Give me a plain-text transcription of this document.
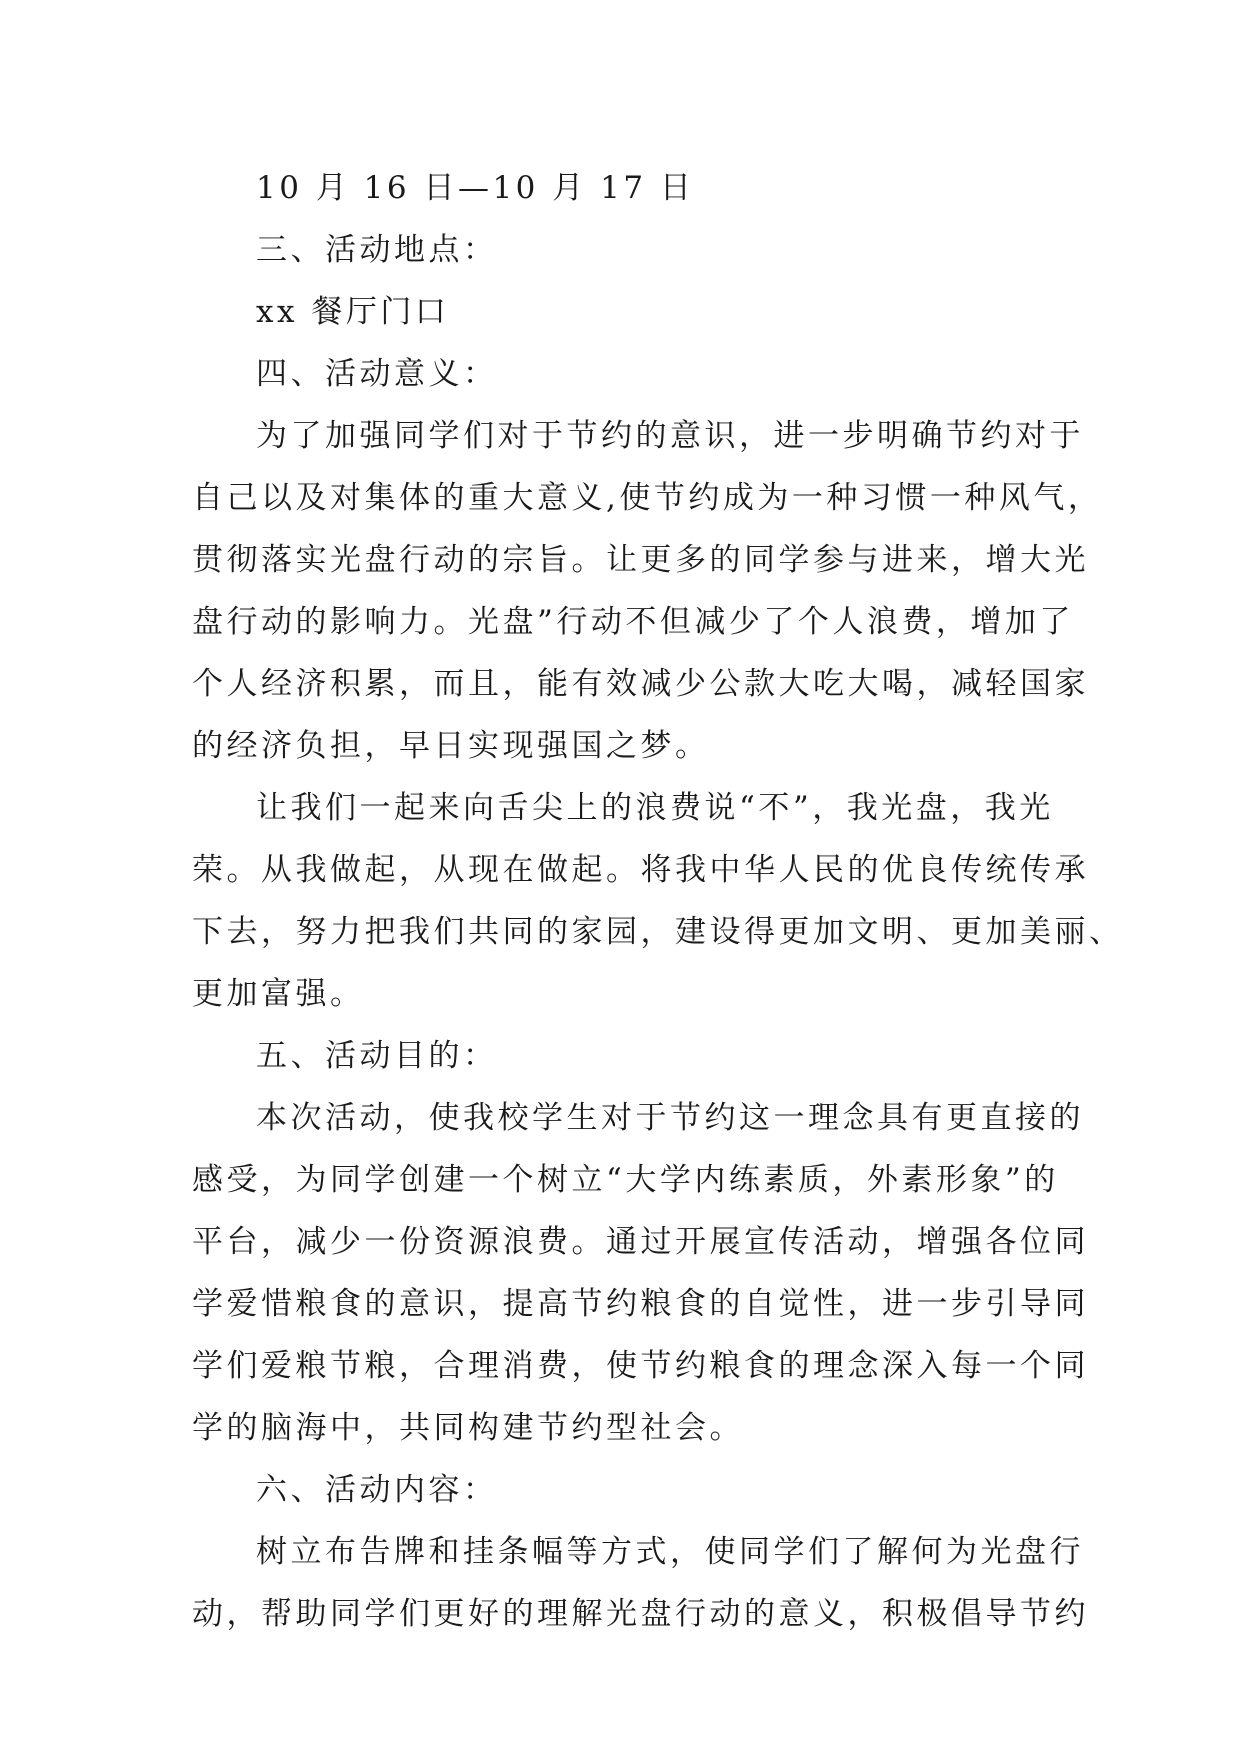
10 月 16 日—10 月 17 日
三、活动地点：
xx 餐厅门口
四、活动意义：
为了加强同学们对于节约的意识，进一步明确节约对于
自己以及对集体的重大意义,使节约成为一种习惯一种风气，
贯彻落实光盘行动的宗旨。让更多的同学参与进来，增大光
盘行动的影响力。光盘”行动不但减少了个人浪费，增加了
个人经济积累，而且，能有效减少公款大吃大喝，减轻国家
的经济负担，早日实现强国之梦。
让我们一起来向舌尖上的浪费说“不”，我光盘，我光
荣。从我做起，从现在做起。将我中华人民的优良传统传承
下去，努力把我们共同的家园，建设得更加文明、更加美丽、
更加富强。
五、活动目的：
本次活动，使我校学生对于节约这一理念具有更直接的
感受，为同学创建一个树立“大学内练素质，外素形象”的
平台，减少一份资源浪费。通过开展宣传活动，增强各位同
学爱惜粮食的意识，提高节约粮食的自觉性，进一步引导同
学们爱粮节粮，合理消费，使节约粮食的理念深入每一个同
学的脑海中，共同构建节约型社会。
六、活动内容：
树立布告牌和挂条幅等方式，使同学们了解何为光盘行
动，帮助同学们更好的理解光盘行动的意义，积极倡导节约
